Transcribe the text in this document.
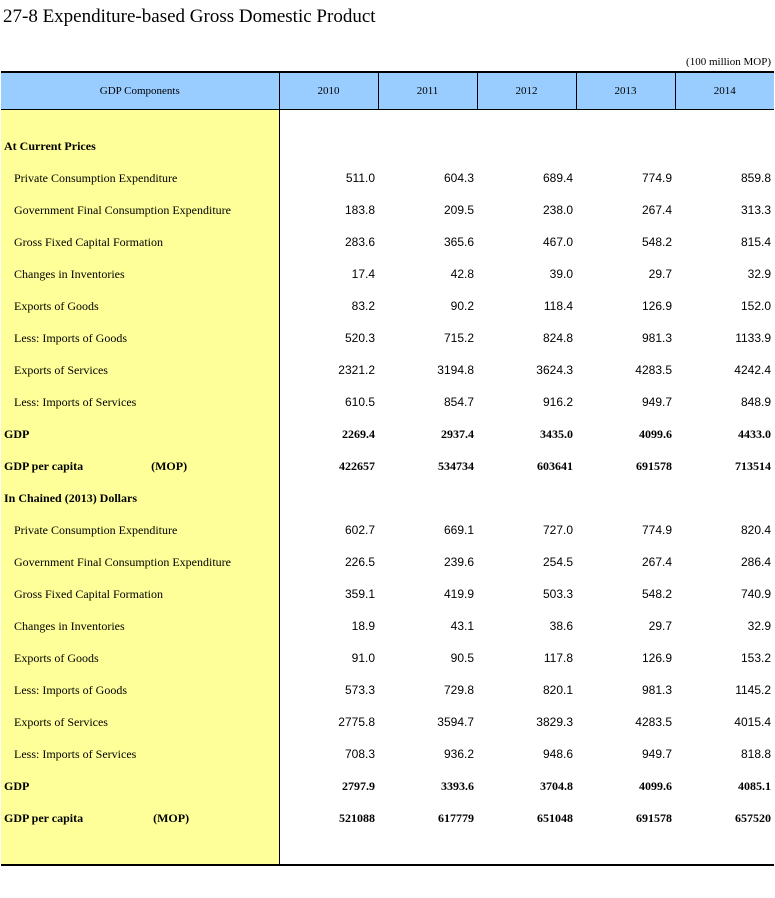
27-8 Expenditure-based Gross Domestic Product
(100 million MOP)
GDP Components	2010	2011	2012	2013	2014

At Current Prices					
Private Consumption Expenditure	511.0	604.3	689.4	774.9	859.8
Government Final Consumption Expenditure	183.8	209.5	238.0	267.4	313.3
Gross Fixed Capital Formation	283.6	365.6	467.0	548.2	815.4
Changes in Inventories	17.4	42.8	39.0	29.7	32.9
Exports of Goods	83.2	90.2	118.4	126.9	152.0
Less: Imports of Goods	520.3	715.2	824.8	981.3	1133.9
Exports of Services	2321.2	3194.8	3624.3	4283.5	4242.4
Less: Imports of Services	610.5	854.7	916.2	949.7	848.9
GDP	2269.4	2937.4	3435.0	4099.6	4433.0
GDP per capita (MOP)	422657	534734	603641	691578	713514
In Chained (2013) Dollars					
Private Consumption Expenditure	602.7	669.1	727.0	774.9	820.4
Government Final Consumption Expenditure	226.5	239.6	254.5	267.4	286.4
Gross Fixed Capital Formation	359.1	419.9	503.3	548.2	740.9
Changes in Inventories	18.9	43.1	38.6	29.7	32.9
Exports of Goods	91.0	90.5	117.8	126.9	153.2
Less: Imports of Goods	573.3	729.8	820.1	981.3	1145.2
Exports of Services	2775.8	3594.7	3829.3	4283.5	4015.4
Less: Imports of Services	708.3	936.2	948.6	949.7	818.8
GDP	2797.9	3393.6	3704.8	4099.6	4085.1
GDP per capita (MOP)	521088	617779	651048	691578	657520
